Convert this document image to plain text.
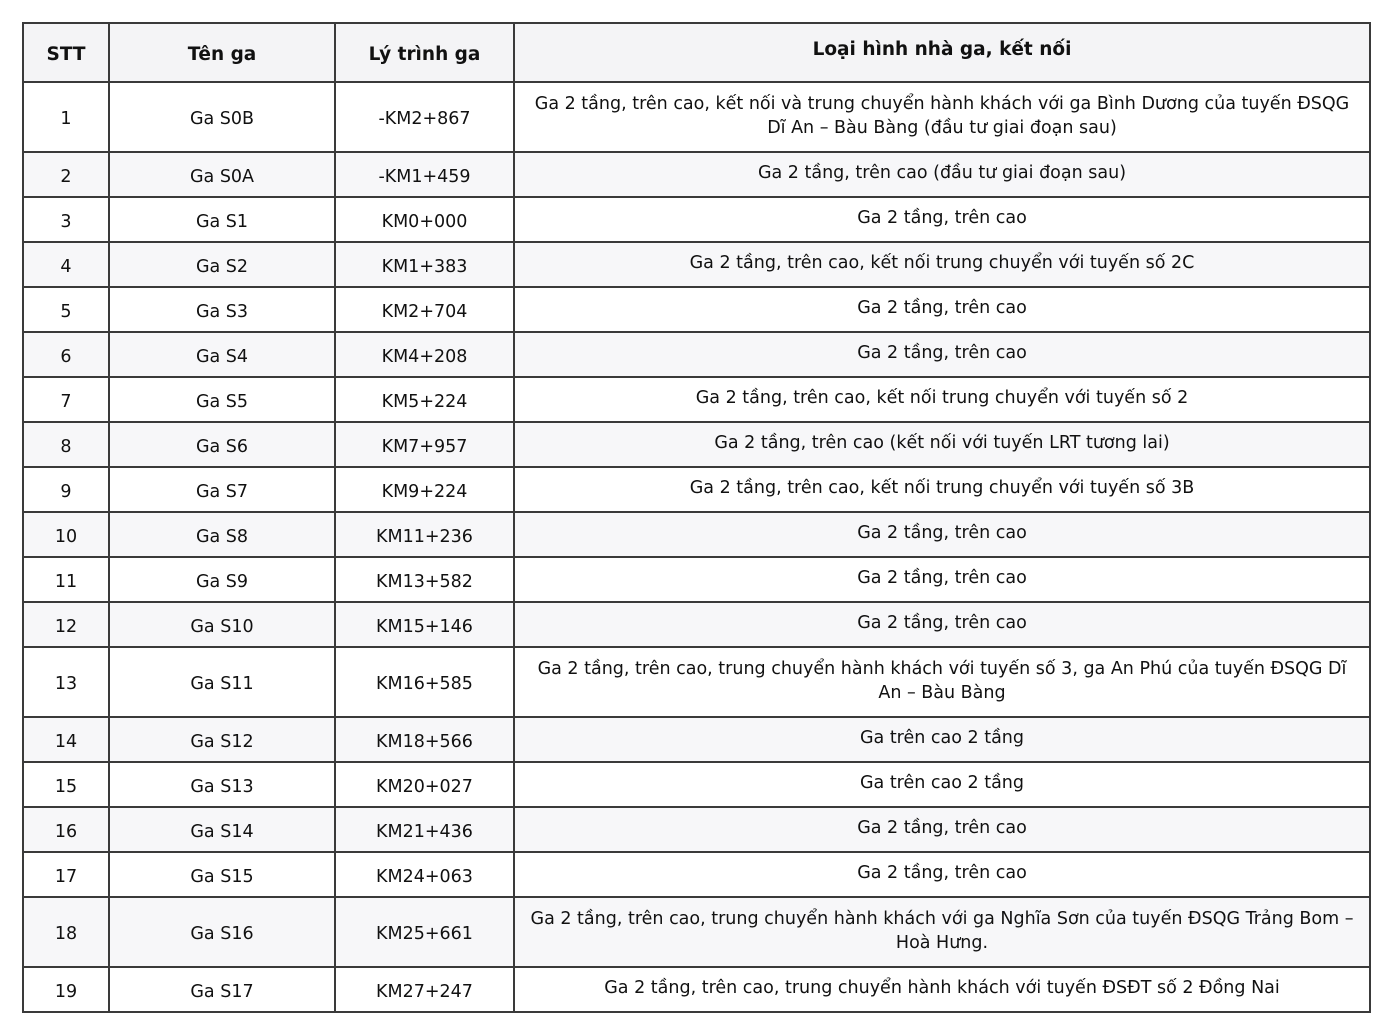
STT	Tên ga	Lý trình ga	Loại hình nhà ga, kết nối
1	Ga S0B	-KM2+867	Ga 2 tầng, trên cao, kết nối và trung chuyển hành khách với ga Bình Dương của tuyến ĐSQG Dĩ An – Bàu Bàng (đầu tư giai đoạn sau)
2	Ga S0A	-KM1+459	Ga 2 tầng, trên cao (đầu tư giai đoạn sau)
3	Ga S1	KM0+000	Ga 2 tầng, trên cao
4	Ga S2	KM1+383	Ga 2 tầng, trên cao, kết nối trung chuyển với tuyến số 2C
5	Ga S3	KM2+704	Ga 2 tầng, trên cao
6	Ga S4	KM4+208	Ga 2 tầng, trên cao
7	Ga S5	KM5+224	Ga 2 tầng, trên cao, kết nối trung chuyển với tuyến số 2
8	Ga S6	KM7+957	Ga 2 tầng, trên cao (kết nối với tuyến LRT tương lai)
9	Ga S7	KM9+224	Ga 2 tầng, trên cao, kết nối trung chuyển với tuyến số 3B
10	Ga S8	KM11+236	Ga 2 tầng, trên cao
11	Ga S9	KM13+582	Ga 2 tầng, trên cao
12	Ga S10	KM15+146	Ga 2 tầng, trên cao
13	Ga S11	KM16+585	Ga 2 tầng, trên cao, trung chuyển hành khách với tuyến số 3, ga An Phú của tuyến ĐSQG Dĩ An – Bàu Bàng
14	Ga S12	KM18+566	Ga trên cao 2 tầng
15	Ga S13	KM20+027	Ga trên cao 2 tầng
16	Ga S14	KM21+436	Ga 2 tầng, trên cao
17	Ga S15	KM24+063	Ga 2 tầng, trên cao
18	Ga S16	KM25+661	Ga 2 tầng, trên cao, trung chuyển hành khách với ga Nghĩa Sơn của tuyến ĐSQG Trảng Bom – Hoà Hưng.
19	Ga S17	KM27+247	Ga 2 tầng, trên cao, trung chuyển hành khách với tuyến ĐSĐT số 2 Đồng Nai
